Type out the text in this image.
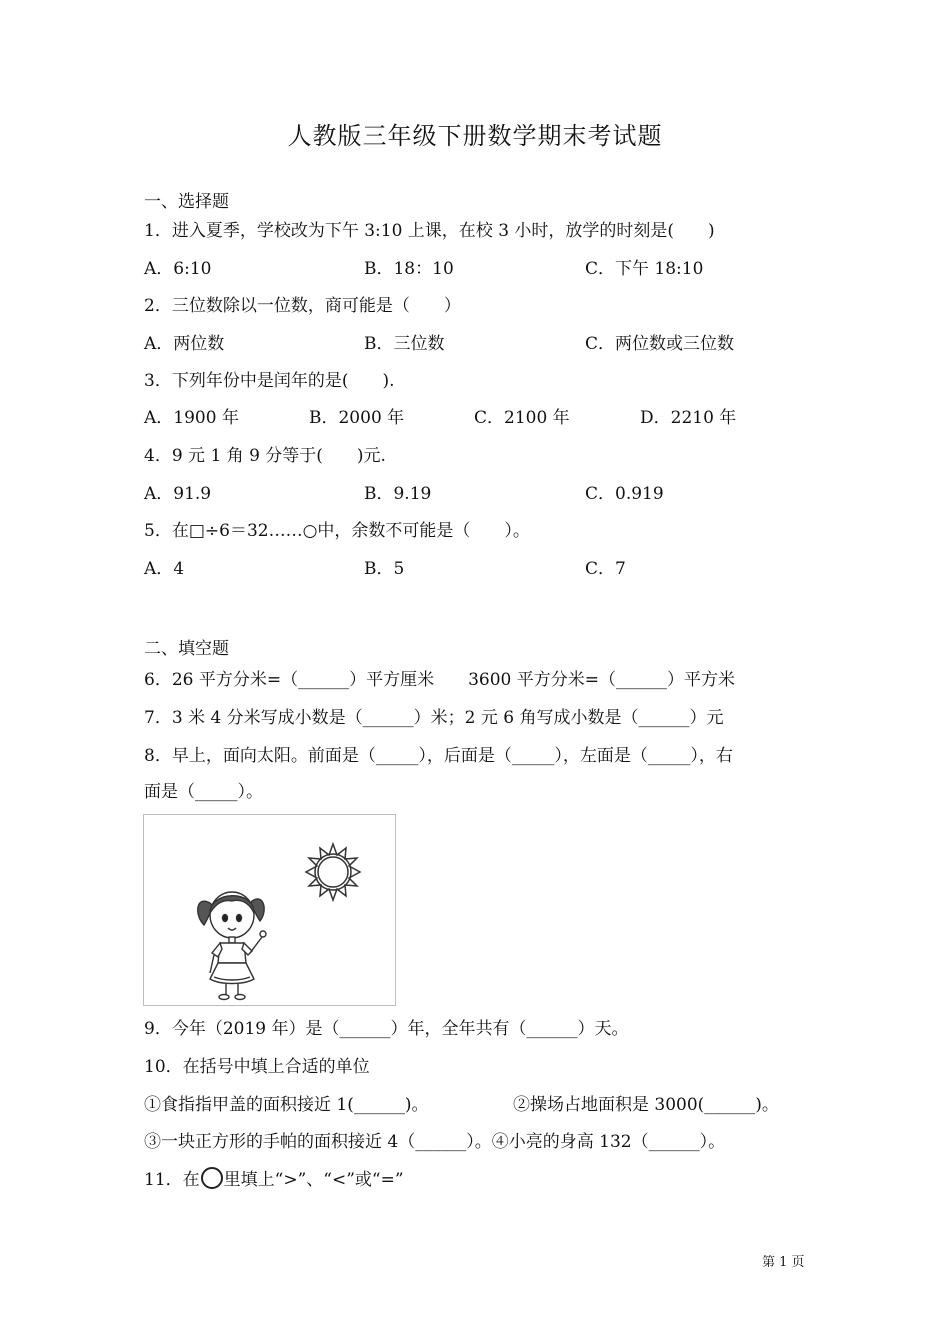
人教版三年级下册数学期末考试题
一、选择题
1．进入夏季，学校改为下午 3:10 上课，在校 3 小时，放学的时刻是(　　)
A．6:10	B．18：10	C．下午 18:10
2．三位数除以一位数，商可能是（　　）
A．两位数	B．三位数	C．两位数或三位数
3．下列年份中是闰年的是(　　).
A．1900 年	B．2000 年	C．2100 年	D．2210 年
4．9 元 1 角 9 分等于(　　)元.
A．91.9	B．9.19	C．0.919
5．在□÷6＝32……○中，余数不可能是（　　）。
A．4	B．5	C．7
二、填空题
6．26 平方分米=（______）平方厘米　　3600 平方分米=（______）平方米
7．3 米 4 分米写成小数是（______）米；2 元 6 角写成小数是（______）元
8．早上，面向太阳。前面是（_____），后面是（_____），左面是（_____），右
面是（_____）。
9．今年（2019 年）是（______）年，全年共有（______）天。
10．在括号中填上合适的单位
①食指指甲盖的面积接近 1(______)。	②操场占地面积是 3000(______)。
③一块正方形的手帕的面积接近 4（______）。④小亮的身高 132（______）。
11．在 里填上“>”、“<”或“=”
第 1 页
